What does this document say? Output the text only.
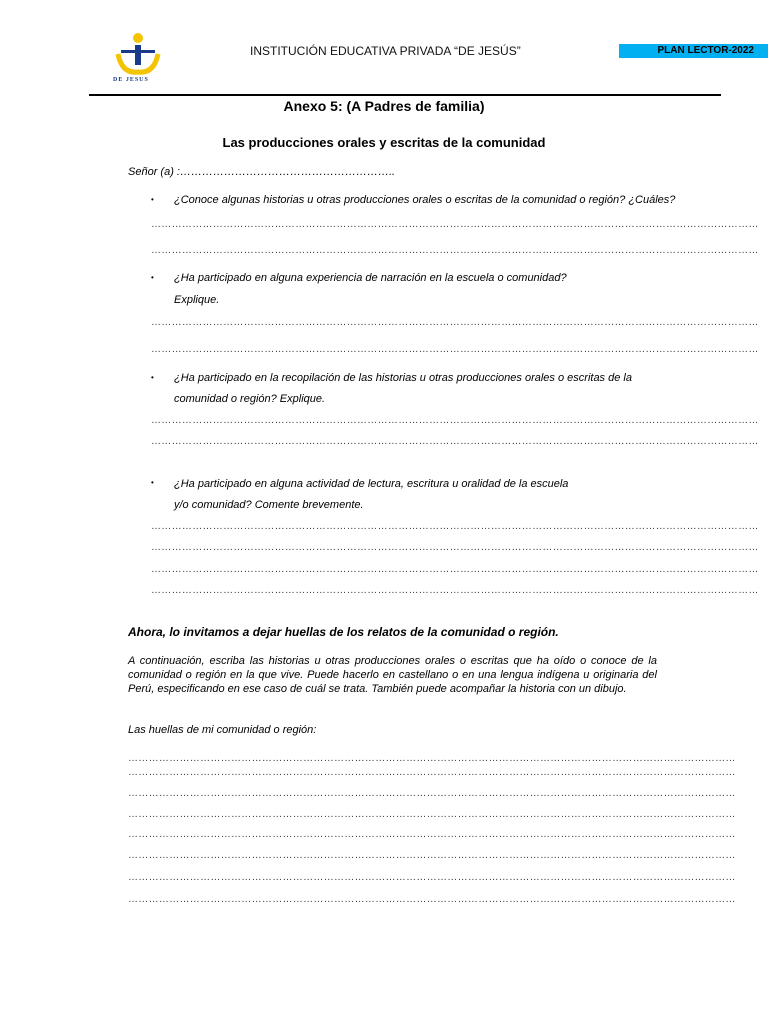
DE JESUS
INSTITUCIÓN EDUCATIVA PRIVADA “DE JESÚS”	PLAN LECTOR-2022
Anexo 5: (A Padres de familia)
Las producciones orales y escritas de la comunidad
Señor (a) :…………………………………………………..
• ¿Conoce algunas historias u otras producciones orales o escritas de la comunidad o región? ¿Cuáles?
……………………………………………………………………………………………………………………………………………………………
……………………………………………………………………………………………………………………………………………………………
• ¿Ha participado en alguna experiencia de narración en la escuela o comunidad?
Explique.
……………………………………………………………………………………………………………………………………………………………
……………………………………………………………………………………………………………………………………………………………
• ¿Ha participado en la recopilación de las historias u otras producciones orales o escritas de la
comunidad o región? Explique.
……………………………………………………………………………………………………………………………………………………………
……………………………………………………………………………………………………………………………………………………………
• ¿Ha participado en alguna actividad de lectura, escritura u oralidad de la escuela
y/o comunidad? Comente brevemente.
……………………………………………………………………………………………………………………………………………………………
……………………………………………………………………………………………………………………………………………………………
……………………………………………………………………………………………………………………………………………………………
……………………………………………………………………………………………………………………………………………………………
Ahora, lo invitamos a dejar huellas de los relatos de la comunidad o región.
A continuación, escriba las historias u otras producciones orales o escritas que ha oído o conoce de la comunidad o región en la que vive. Puede hacerlo en castellano o en una lengua indígena u originaria del Perú, especificando en ese caso de cuál se trata. También puede acompañar la historia con un dibujo.
Las huellas de mi comunidad o región:
……………………………………………………………………………………………………………………………………………………………
……………………………………………………………………………………………………………………………………………………………
……………………………………………………………………………………………………………………………………………………………
……………………………………………………………………………………………………………………………………………………………
……………………………………………………………………………………………………………………………………………………………
……………………………………………………………………………………………………………………………………………………………
……………………………………………………………………………………………………………………………………………………………
……………………………………………………………………………………………………………………………………………………………
